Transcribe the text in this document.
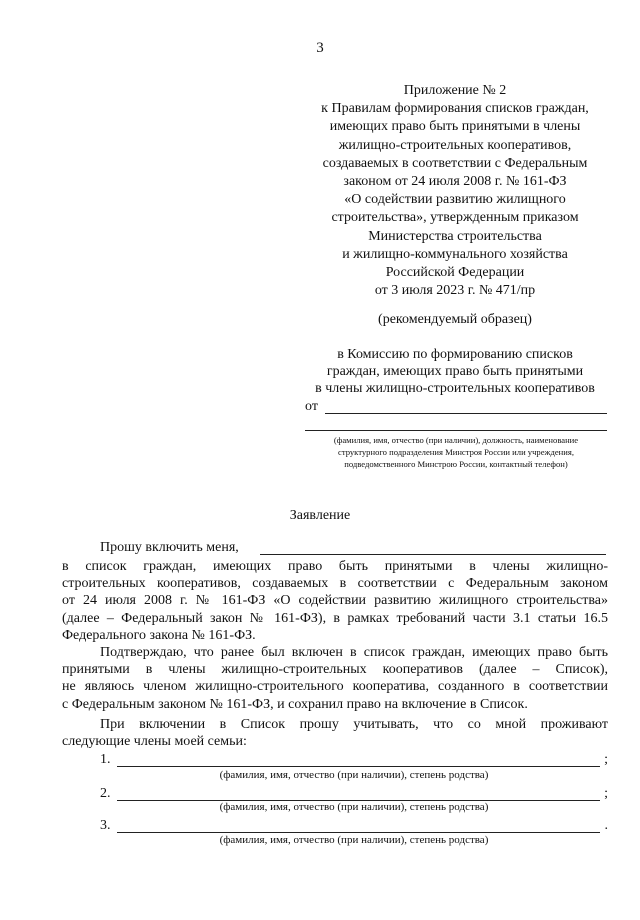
3
Приложение № 2
к Правилам формирования списков граждан,
имеющих право быть принятыми в члены
жилищно-строительных кооперативов,
создаваемых в соответствии с Федеральным
законом от 24 июля 2008 г. № 161-ФЗ
«О содействии развитию жилищного
строительства», утвержденным приказом
Министерства строительства
и жилищно-коммунального хозяйства
Российской Федерации
от 3 июля 2023 г. № 471/пр
(рекомендуемый образец)
в Комиссию по формированию списков
граждан, имеющих право быть принятыми
в члены жилищно-строительных кооперативов
от
(фамилия, имя, отчество (при наличии), должность, наименование
структурного подразделения Минстроя России или учреждения,
подведомственного Минстрою России, контактный телефон)
Заявление
Прошу включить меня,
в список граждан, имеющих право быть принятыми в члены жилищно-
строительных кооперативов, создаваемых в соответствии с Федеральным законом
от 24 июля 2008 г. № 161-ФЗ «О содействии развитию жилищного строительства»
(далее – Федеральный закон № 161-ФЗ), в рамках требований части 3.1 статьи 16.5
Федерального закона № 161-ФЗ.
Подтверждаю, что ранее был включен в список граждан, имеющих право быть
принятыми в члены жилищно-строительных кооперативов (далее – Список),
не являюсь членом жилищно-строительного кооператива, созданного в соответствии
с Федеральным законом № 161-ФЗ, и сохранил право на включение в Список.
При включении в Список прошу учитывать, что со мной проживают
следующие члены моей семьи:
1.	;
(фамилия, имя, отчество (при наличии), степень родства)
2.	;
(фамилия, имя, отчество (при наличии), степень родства)
3.	.
(фамилия, имя, отчество (при наличии), степень родства)
